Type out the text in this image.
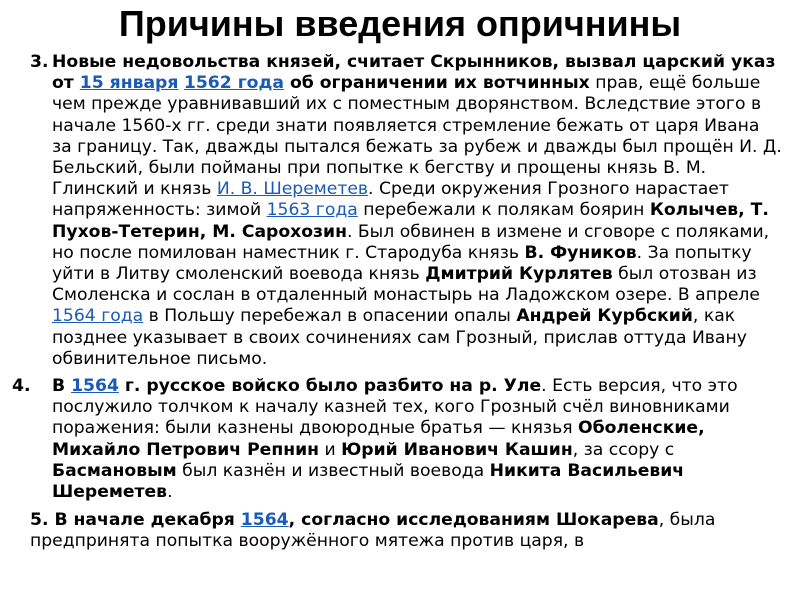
Причины введения опричнины

3. Новые недовольства князей, считает Скрынников, вызвал царский указ от 15 января 1562 года об ограничении их вотчинных прав, ещё больше чем прежде уравнивавший их с поместным дворянством. Вследствие этого в начале 1560-х гг. среди знати появляется стремление бежать от царя Ивана за границу. Так, дважды пытался бежать за рубеж и дважды был прощён И. Д. Бельский, были пойманы при попытке к бегству и прощены князь В. М. Глинский и князь И. В. Шереметев. Среди окружения Грозного нарастает напряженность: зимой 1563 года перебежали к полякам боярин Колычев, Т. Пухов-Тетерин, М. Сарохозин. Был обвинен в измене и сговоре с поляками, но после помилован наместник г. Стародуба князь В. Фуников. За попытку уйти в Литву смоленский воевода князь Дмитрий Курлятев был отозван из Смоленска и сослан в отдаленный монастырь на Ладожском озере. В апреле 1564 года в Польшу перебежал в опасении опалы Андрей Курбский, как позднее указывает в своих сочинениях сам Грозный, прислав оттуда Ивану обвинительное письмо.

4. В 1564 г. русское войско было разбито на р. Уле. Есть версия, что это послужило толчком к началу казней тех, кого Грозный счёл виновниками поражения: были казнены двоюродные братья — князья Оболенские, Михайло Петрович Репнин и Юрий Иванович Кашин, за ссору с Басмановым был казнён и известный воевода Никита Васильевич Шереметев.

5. В начале декабря 1564, согласно исследованиям Шокарева, была предпринята попытка вооружённого мятежа против царя, в
